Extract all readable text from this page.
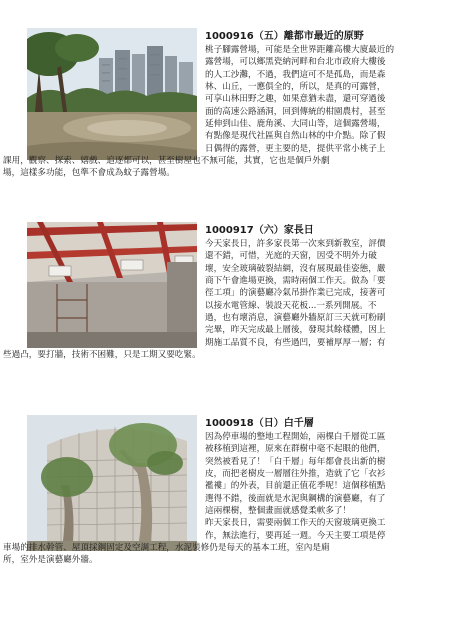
1000916（五）離都市最近的原野
桃子腳露營場，可能是全世界距離高樓大廈最近的
露營場，可以鄉黑瓷納河畔和台北市政府大樓後
的人工沙灘，不過，我們這可不是孤島，而是森
林、山丘，一應俱全的，所以，是真的可露營，
可享山林田野之趣，如果意猶未盡，還可穿過後
面的高速公路涵洞，回到傳統的柑園農村，甚至
延伸到山佳、鹿角溪、大同山等，這個露營場，
有點像是現代社區與自然山林的中介點。除了假
日偶得的露營，更主要的是，提供平常小桃子上
課用，觀察、探索、嬉戲、追逐都可以，甚至樹屋也不無可能，其實，它也是個戶外劇
場，這樣多功能，包準不會成為蚊子露營場。
1000917（六）家長日
今天家長日，許多家長第一次來到新教室，評價
還不錯，可惜，光庭的天窗，因受不明外力破
壞，安全玻璃破裂結網，沒有展現最佳姿態，嚴
商下午會進場更換，需時兩個工作天。做為「要
徑工項」的演藝廳冷氣吊掛作業已完成，接著可
以接水電管線、裝設天花板...一系列開展。不
過，也有壞消息，演藝廳外牆原訂三天就可粉刷
完畢，昨天完成最上層後，發現其餘樣體，因上
期施工品質不良，有些過凹，要補厚厚一層；有
些過凸，要打牆，技術不困難，只是工期又要吃緊。
1000918（日）白千層
因為停車場的整地工程開始，兩棵白千層從工區
被移植到這裡，原來在群樹中毫不起眼的他們，
突然被看見了！「白千層」每年都會長出新的樹
皮，而把老樹皮一層層往外推，造就了它「衣衫
襤褸」的外表，目前還正值花季呢！這個移植點
選得不錯，後面就是水泥與鋼構的演藝廳，有了
這兩棵樹，整個畫面就感覺柔軟多了！
昨天家長日，需要兩個工作天的天窗玻璃更換工
作，無法進行，要再延一週。今天主要工項是停
車場的排水幹管、屋頂採鋼固定及空調工程，水泥裝修仍是每天的基本工班，室內是廁
所，室外是演藝廳外牆。
